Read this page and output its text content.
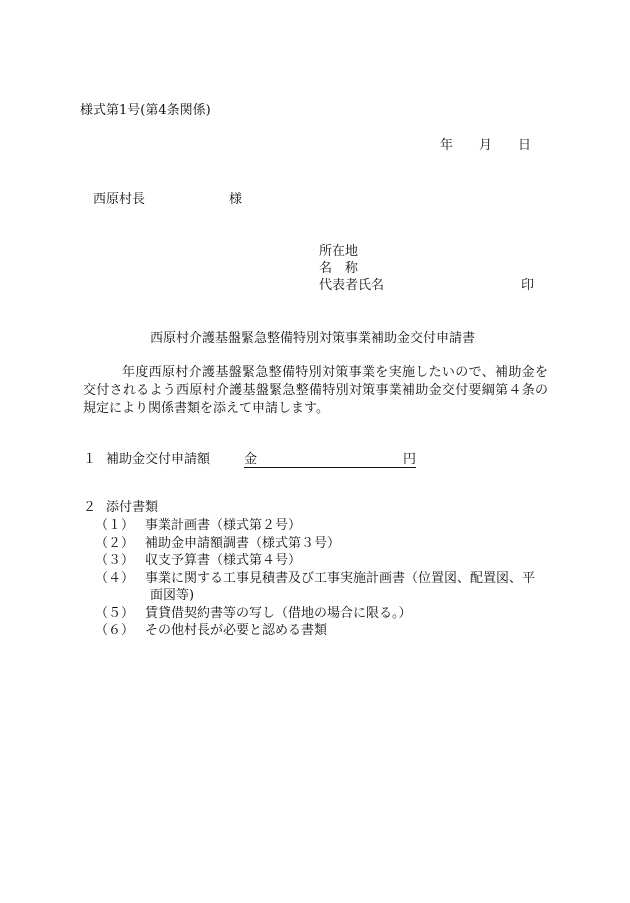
様式第1号(第4条関係)
年 月 日
西原村長	様
所在地
名　称
代表者氏名	印
西原村介護基盤緊急整備特別対策事業補助金交付申請書
年度西原村介護基盤緊急整備特別対策事業を実施したいので、補助金を交付されるよう西原村介護基盤緊急整備特別対策事業補助金交付要綱第４条の規定により関係書類を添えて申請します。
１ 補助金交付申請額	金	円
２ 添付書類
（１） 事業計画書（様式第２号）
（２） 補助金申請額調書（様式第３号）
（３） 収支予算書（様式第４号）
（４） 事業に関する工事見積書及び工事実施計画書（位置図、配置図、平
面図等)
（５） 賃貸借契約書等の写し（借地の場合に限る。）
（６） その他村長が必要と認める書類
